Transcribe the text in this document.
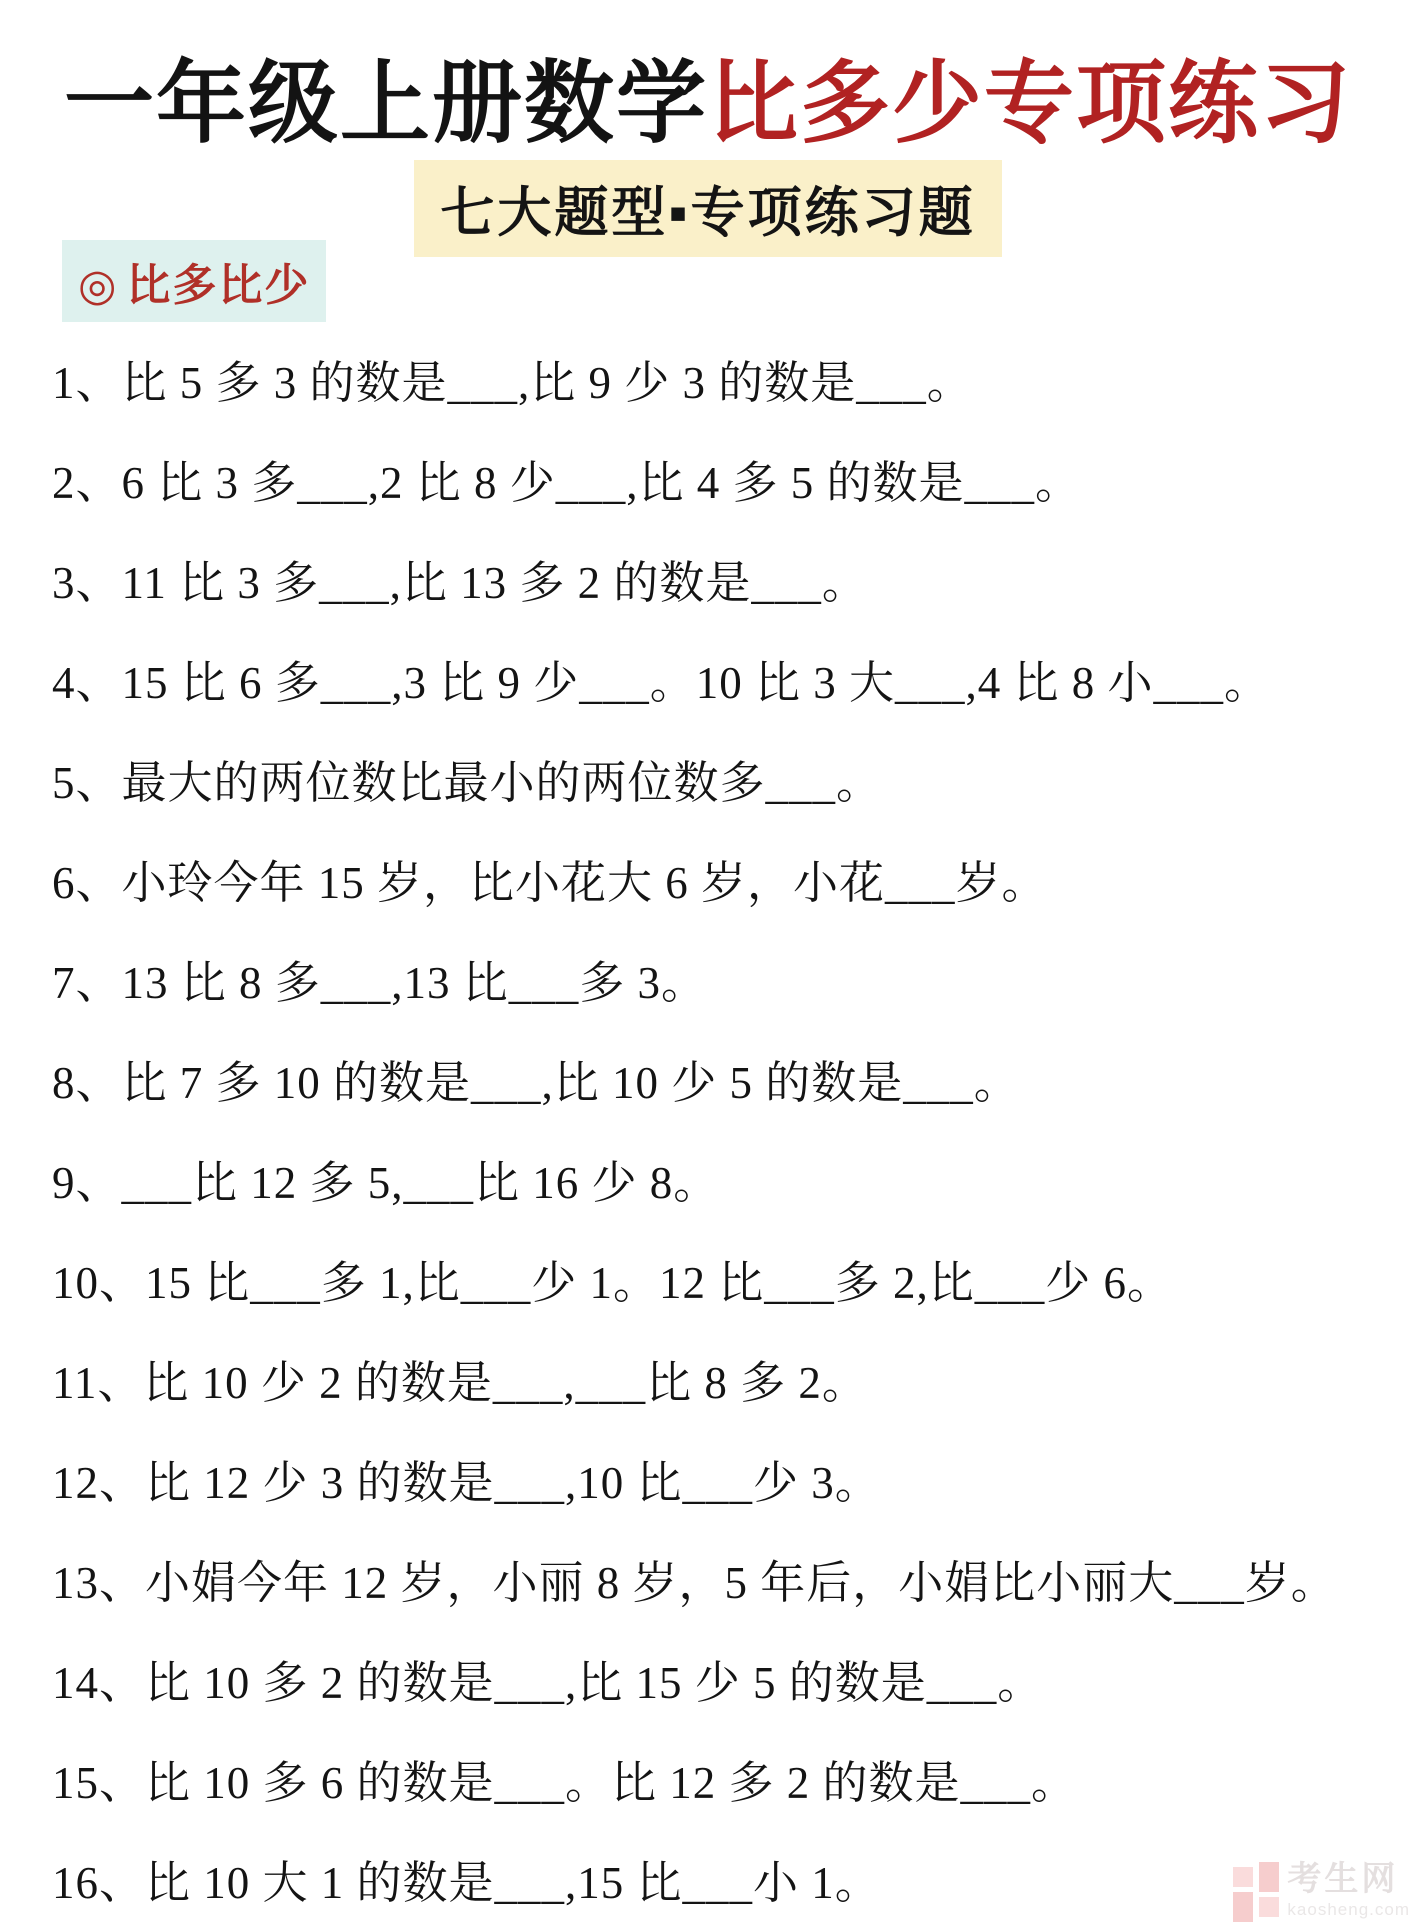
一年级上册数学比多少专项练习
七大题型▪专项练习题
◎ 比多比少
1、比 5 多 3 的数是___,比 9 少 3 的数是___。
2、6 比 3 多___,2 比 8 少___,比 4 多 5 的数是___。
3、11 比 3 多___,比 13 多 2 的数是___。
4、15 比 6 多___,3 比 9 少___。10 比 3 大___,4 比 8 小___。
5、最大的两位数比最小的两位数多___。
6、小玲今年 15 岁，比小花大 6 岁，小花___岁。
7、13 比 8 多___,13 比___多 3。
8、比 7 多 10 的数是___,比 10 少 5 的数是___。
9、___比 12 多 5,___比 16 少 8。
10、15 比___多 1,比___少 1。12 比___多 2,比___少 6。
11、比 10 少 2 的数是___,___比 8 多 2。
12、比 12 少 3 的数是___,10 比___少 3。
13、小娟今年 12 岁，小丽 8 岁，5 年后，小娟比小丽大___岁。
14、比 10 多 2 的数是___,比 15 少 5 的数是___。
15、比 10 多 6 的数是___。比 12 多 2 的数是___。
16、比 10 大 1 的数是___,15 比___小 1。	考生网
kaosheng.com
